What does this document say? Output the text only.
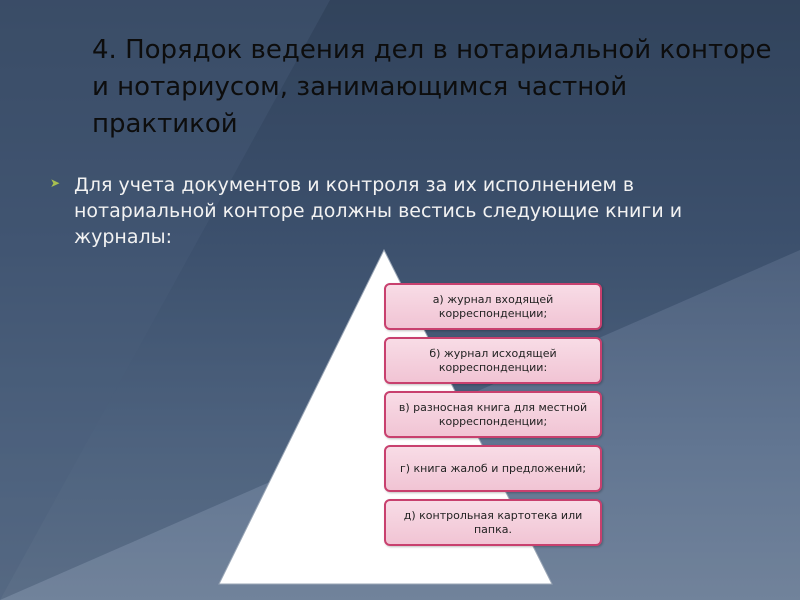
4. Порядок ведения дел в нотариальной конторе и нотариусом, занимающимся частной практикой
➤ Для учета документов и контроля за их исполнением в нотариальной конторе должны вестись следующие книги и журналы:

а) журнал входящей корреспонденции;
б) журнал исходящей корреспонденции:
в) разносная книга для местной корреспонденции;
г) книга жалоб и предложений;
д) контрольная картотека или папка.
